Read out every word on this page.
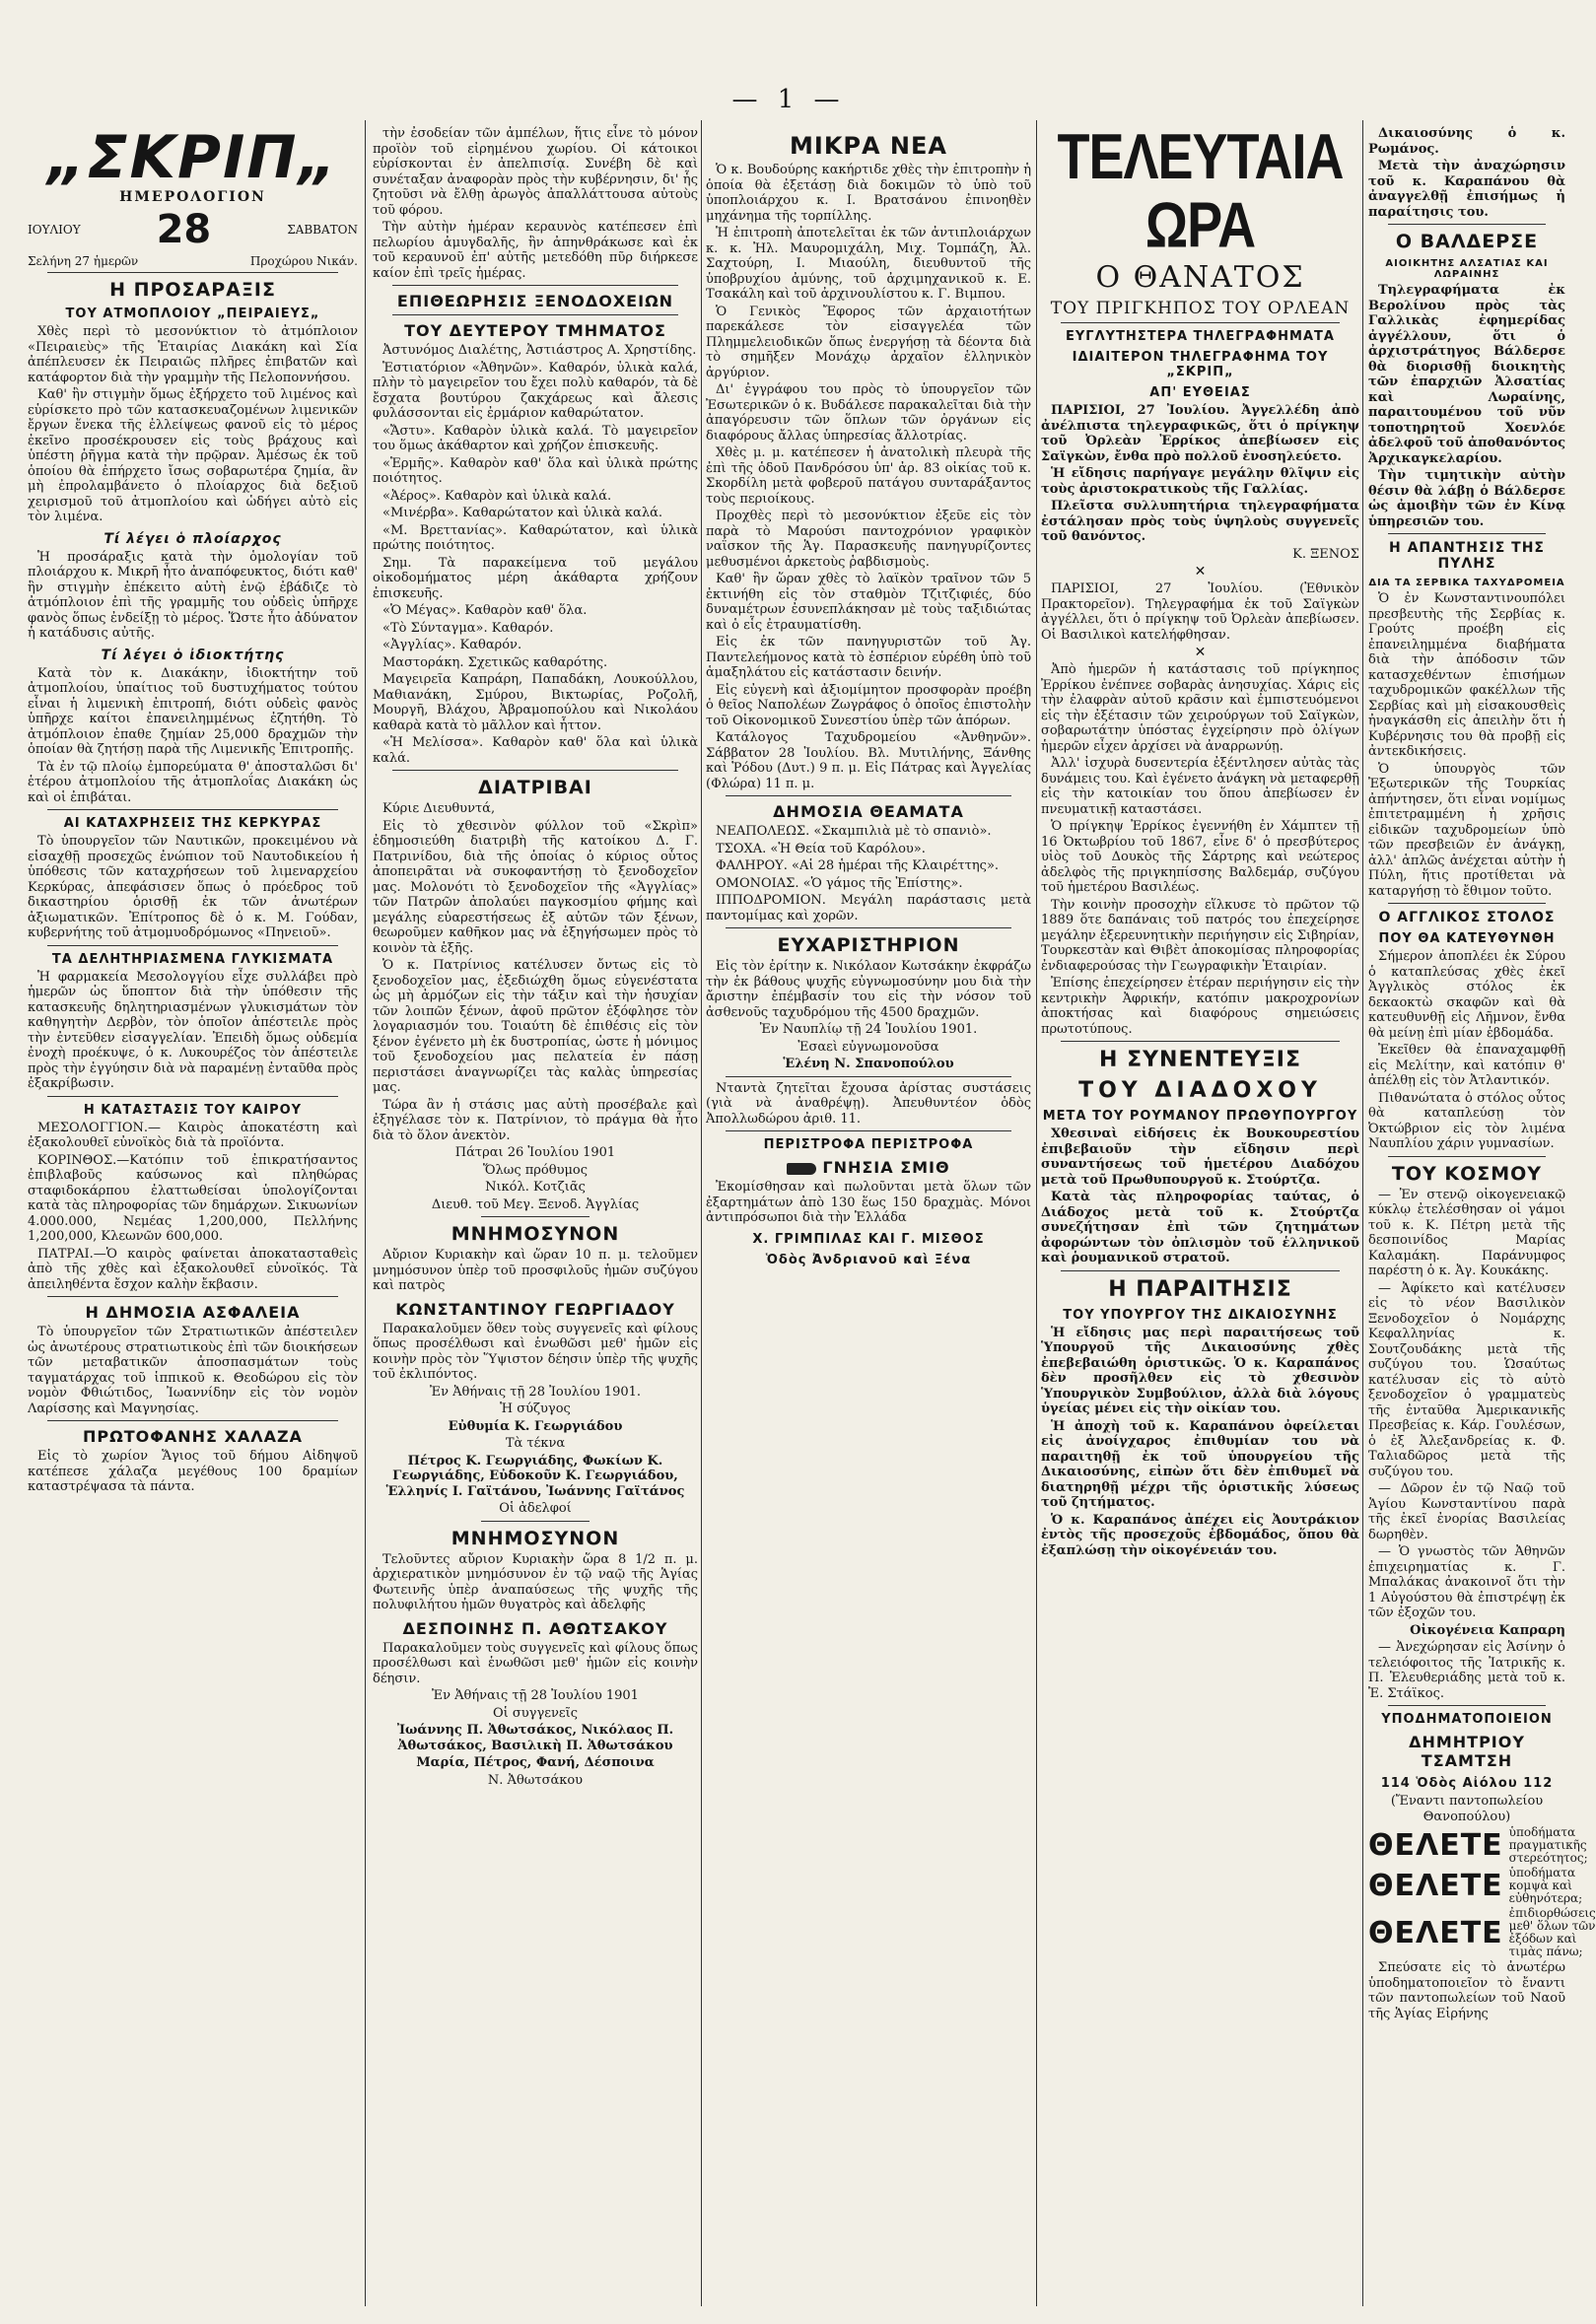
— 1 —
„ΣΚΡΙΠ„
ΗΜΕΡΟΛΟΓΙΟΝ
ΙΟΥΛΙΟΥ 28	ΣΑΒΒΑΤΟΝ
Σελήνη 27 ἡμερῶν	Προχώρου Νικάν.
Η ΠΡΟΣΑΡΑΞΙΣ
ΤΟΥ ΑΤΜΟΠΛΟΙΟΥ „ΠΕΙΡΑΙΕΥΣ„

Χθὲς περὶ τὸ μεσονύκτιον τὸ ἀτμόπλοιον «Πειραιεὺς» τῆς Ἑταιρίας Διακάκη καὶ Σία ἀπέπλευσεν ἐκ Πειραιῶς πλῆρες ἐπιβατῶν καὶ κατάφορτον διὰ τὴν γραμμὴν τῆς Πελοποννήσου.

Καθ' ἣν στιγμὴν ὅμως ἐξήρχετο τοῦ λιμένος καὶ εὑρίσκετο πρὸ τῶν κατασκευαζομένων λιμενικῶν ἔργων ἕνεκα τῆς ἐλλείψεως φανοῦ εἰς τὸ μέρος ἐκεῖνο προσέκρουσεν εἰς τοὺς βράχους καὶ ὑπέστη ῥῆγμα κατὰ τὴν πρῷραν. Ἀμέσως ἐκ τοῦ ὁποίου θὰ ἐπήρχετο ἴσως σοβαρωτέρα ζημία, ἂν μὴ ἐπρολαμβάνετο ὁ πλοίαρχος διὰ δεξιοῦ χειρισμοῦ τοῦ ἀτμοπλοίου καὶ ὡδήγει αὐτὸ εἰς τὸν λιμένα.

Τί λέγει ὁ πλοίαρχος

Ἡ προσάραξις κατὰ τὴν ὁμολογίαν τοῦ πλοιάρχου κ. Μικρῆ ἦτο ἀναπόφευκτος, διότι καθ' ἣν στιγμὴν ἐπέκειτο αὐτὴ ἐνῷ ἐβάδιζε τὸ ἀτμόπλοιον ἐπὶ τῆς γραμμῆς του οὐδεὶς ὑπῆρχε φανὸς ὅπως ἐνδείξῃ τὸ μέρος. Ὥστε ἦτο ἀδύνατον ἡ κατάδυσις αὐτῆς.

Τί λέγει ὁ ἰδιοκτήτης

Κατὰ τὸν κ. Διακάκην, ἰδιοκτήτην τοῦ ἀτμοπλοίου, ὑπαίτιος τοῦ δυστυχήματος τούτου εἶναι ἡ λιμενικὴ ἐπιτροπή, διότι οὐδεὶς φανὸς ὑπῆρχε καίτοι ἐπανειλημμένως ἐζητήθη. Τὸ ἀτμόπλοιον ἐπαθε ζημίαν 25,000 δραχμῶν τὴν ὁποίαν θὰ ζητήσῃ παρὰ τῆς Λιμενικῆς Ἐπιτροπῆς.

Τὰ ἐν τῷ πλοίῳ ἐμπορεύματα θ' ἀποσταλῶσι δι' ἑτέρου ἀτμοπλοίου τῆς ἀτμοπλοΐας Διακάκη ὡς καὶ οἱ ἐπιβάται.

ΑΙ ΚΑΤΑΧΡΗΣΕΙΣ ΤΗΣ ΚΕΡΚΥΡΑΣ

Τὸ ὑπουργεῖον τῶν Ναυτικῶν, προκειμένου νὰ εἰσαχθῇ προσεχῶς ἐνώπιον τοῦ Ναυτοδικείου ἡ ὑπόθεσις τῶν καταχρήσεων τοῦ λιμεναρχείου Κερκύρας, ἀπεφάσισεν ὅπως ὁ πρόεδρος τοῦ δικαστηρίου ὁρισθῇ ἐκ τῶν ἀνωτέρων ἀξιωματικῶν. Ἐπίτροπος δὲ ὁ κ. Μ. Γούδαν, κυβερνήτης τοῦ ἀτμομυοδρόμωνος «Πηνειοῦ».

ΤΑ ΔΕΛΗΤΗΡΙΑΣΜΕΝΑ ΓΛΥΚΙΣΜΑΤΑ

Ἡ φαρμακεία Μεσολογγίου εἶχε συλλάβει πρὸ ἡμερῶν ὡς ὕποπτον διὰ τὴν ὑπόθεσιν τῆς κατασκευῆς δηλητηριασμένων γλυκισμάτων τὸν καθηγητὴν Δερβὸν, τὸν ὁποῖον ἀπέστειλε πρὸς τὴν ἐντεῦθεν εἰσαγγελίαν. Ἐπειδὴ ὅμως οὐδεμία ἐνοχὴ προέκυψε, ὁ κ. Λυκουρέζος τὸν ἀπέστειλε πρὸς τὴν ἐγγύησιν διὰ νὰ παραμένῃ ἐνταῦθα πρὸς ἐξακρίβωσιν.

Η ΚΑΤΑΣΤΑΣΙΣ ΤΟΥ ΚΑΙΡΟΥ

ΜΕΣΟΛΟΓΓΙΟΝ.— Καιρὸς ἀποκατέστη καὶ ἐξακολουθεῖ εὐνοϊκὸς διὰ τὰ προϊόντα.

ΚΟΡΙΝΘΟΣ.—Κατόπιν τοῦ ἐπικρατήσαντος ἐπιβλαβοῦς καύσωνος καὶ πληθώρας σταφιδοκάρπου ἐλαττωθείσαι ὑπολογίζονται κατὰ τὰς πληροφορίας τῶν δημάρχων. Σικυωνίων 4.000.000, Νεμέας 1,200,000, Πελλήνης 1,200,000, Κλεωνῶν 600,000.

ΠΑΤΡΑΙ.—Ὁ καιρὸς φαίνεται ἀποκατασταθεὶς ἀπὸ τῆς χθὲς καὶ ἐξακολουθεῖ εὐνοϊκός. Τὰ ἀπειληθέντα ἔσχον καλὴν ἔκβασιν.

Η ΔΗΜΟΣΙΑ ΑΣΦΑΛΕΙΑ

Τὸ ὑπουργεῖον τῶν Στρατιωτικῶν ἀπέστειλεν ὡς ἀνωτέρους στρατιωτικοὺς ἐπὶ τῶν διοικήσεων τῶν μεταβατικῶν ἀποσπασμάτων τοὺς ταγματάρχας τοῦ ἱππικοῦ κ. Θεοδώρου εἰς τὸν νομὸν Φθιώτιδος, Ἰωαννίδην εἰς τὸν νομὸν Λαρίσσης καὶ Μαγνησίας.

ΠΡΩΤΟΦΑΝΗΣ ΧΑΛΑΖΑ

Εἰς τὸ χωρίον Ἅγιος τοῦ δήμου Αἰδηψοῦ κατέπεσε χάλαζα μεγέθους 100 δραμίων καταστρέψασα τὰ πάντα.

τὴν ἐσοδείαν τῶν ἀμπέλων, ἥτις εἶνε τὸ μόνον προϊὸν τοῦ εἰρημένου χωρίου. Οἱ κάτοικοι εὑρίσκονται ἐν ἀπελπισίᾳ. Συνέβη δὲ καὶ συνέταξαν ἀναφορὰν πρὸς τὴν κυβέρνησιν, δι' ἧς ζητοῦσι νὰ ἔλθῃ ἀρωγὸς ἀπαλλάττουσα αὐτοὺς τοῦ φόρου.

Τὴν αὐτὴν ἡμέραν κεραυνὸς κατέπεσεν ἐπὶ πελωρίου ἀμυγδαλῆς, ἣν ἀπηνθράκωσε καὶ ἐκ τοῦ κεραυνοῦ ἐπ' αὐτῆς μετεδόθη πῦρ διήρκεσε καίον ἐπὶ τρεῖς ἡμέρας.

ΕΠΙΘΕΩΡΗΣΙΣ ΞΕΝΟΔΟΧΕΙΩΝ
ΤΟΥ ΔΕΥΤΕΡΟΥ ΤΜΗΜΑΤΟΣ

Ἀστυνόμος Διαλέτης, Ἀστιάστρος Α. Χρηστίδης.

Ἑστιατόριον «Ἀθηνῶν». Καθαρόν, ὑλικὰ καλά, πλὴν τὸ μαγειρεῖον του ἔχει πολὺ καθαρόν, τὰ δὲ ἔσχατα βουτύρου ζακχάρεως καὶ ἄλεσις φυλάσσονται εἰς ἐρμάριον καθαρώτατον.

«Ἄστυ». Καθαρὸν ὑλικὰ καλά. Τὸ μαγειρεῖον του ὅμως ἀκάθαρτον καὶ χρήζον ἐπισκευῆς.

«Ἑρμῆς». Καθαρὸν καθ' ὅλα καὶ ὑλικὰ πρώτης ποιότητος.

«Ἀέρος». Καθαρὸν καὶ ὑλικὰ καλά.

«Μινέρβα». Καθαρώτατον καὶ ὑλικὰ καλά.

«Μ. Βρεττανίας». Καθαρώτατον, καὶ ὑλικὰ πρώτης ποιότητος.

Σημ. Τὰ παρακείμενα τοῦ μεγάλου οἰκοδομήματος μέρη ἀκάθαρτα χρήζουν ἐπισκευῆς.

«Ὁ Μέγας». Καθαρὸν καθ' ὅλα.

«Τὸ Σύνταγμα». Καθαρόν.

«Ἀγγλίας». Καθαρόν.

Μαστοράκη. Σχετικῶς καθαρότης.

Μαγειρεῖα Καπράρη, Παπαδάκη, Λουκούλλου, Μαθιανάκη, Σμύρου, Βικτωρίας, Ροζολῆ, Μουργῆ, Βλάχου, Ἀβραμοπούλου καὶ Νικολάου καθαρὰ κατὰ τὸ μᾶλλον καὶ ἧττον.

«Ἡ Μελίσσα». Καθαρὸν καθ' ὅλα καὶ ὑλικὰ καλά.

ΔΙΑΤΡΙΒΑΙ

Κύριε Διευθυντά,

Εἰς τὸ χθεσινὸν φύλλον τοῦ «Σκρὶπ» ἐδημοσιεύθη διατριβὴ τῆς κατοίκου Δ. Γ. Πατρινίδου, διὰ τῆς ὁποίας ὁ κύριος οὗτος ἀποπειρᾶται νὰ συκοφαντήσῃ τὸ ξενοδοχεῖον μας. Μολονότι τὸ ξενοδοχεῖον τῆς «Ἀγγλίας» τῶν Πατρῶν ἀπολαύει παγκοσμίου φήμης καὶ μεγάλης εὐαρεστήσεως ἐξ αὐτῶν τῶν ξένων, θεωροῦμεν καθῆκον μας νὰ ἐξηγήσωμεν πρὸς τὸ κοινὸν τὰ ἑξῆς.

Ὁ κ. Πατρίνιος κατέλυσεν ὄντως εἰς τὸ ξενοδοχεῖον μας, ἐξεδιώχθη ὅμως εὐγενέστατα ὡς μὴ ἀρμόζων εἰς τὴν τάξιν καὶ τὴν ἡσυχίαν τῶν λοιπῶν ξένων, ἀφοῦ πρῶτον ἐξόφλησε τὸν λογαριασμόν του. Τοιαύτη δὲ ἐπιθέσις εἰς τὸν ξένον ἐγένετο μὴ ἐκ δυστροπίας, ὡστε ἡ μόνιμος τοῦ ξενοδοχείου μας πελατεία ἐν πάσῃ περιστάσει ἀναγνωρίζει τὰς καλὰς ὑπηρεσίας μας.

Τώρα ἂν ἡ στάσις μας αὐτὴ προσέβαλε καὶ ἐξηγέλασε τὸν κ. Πατρίνιον, τὸ πράγμα θὰ ἦτο διὰ τὸ ὅλον ἀνεκτὸν.

Πάτραι 26 Ἰουλίου 1901

Ὅλως πρόθυμος

Νικόλ. Κοτζιᾶς

Διευθ. τοῦ Μεγ. Ξενοδ. Ἀγγλίας

ΜΝΗΜΟΣΥΝΟΝ

Αὔριον Κυριακὴν καὶ ὥραν 10 π. μ. τελοῦμεν μνημόσυνον ὑπὲρ τοῦ προσφιλοῦς ἡμῶν συζύγου καὶ πατρὸς

ΚΩΝΣΤΑΝΤΙΝΟΥ ΓΕΩΡΓΙΑΔΟΥ

Παρακαλοῦμεν ὅθεν τοὺς συγγενεῖς καὶ φίλους ὅπως προσέλθωσι καὶ ἑνωθῶσι μεθ' ἡμῶν εἰς κοινὴν πρὸς τὸν Ὕψιστον δέησιν ὑπὲρ τῆς ψυχῆς τοῦ ἐκλιπόντος.

Ἐν Ἀθήναις τῇ 28 Ἰουλίου 1901.

Ἡ σύζυγος

Εὐθυμία Κ. Γεωργιάδου

Τὰ τέκνα

Πέτρος Κ. Γεωργιάδης, Φωκίων Κ. Γεωργιάδης, Εὐδοκοῦν Κ. Γεωργιάδου, Ἑλληνίς Ι. Γαϊτάνου, Ἰωάννης Γαϊτάνος

Οἱ ἀδελφοί

ΜΝΗΜΟΣΥΝΟΝ

Τελοῦντες αὔριον Κυριακὴν ὥρα 8 1/2 π. μ. ἀρχιερατικὸν μνημόσυνον ἐν τῷ ναῷ τῆς Ἁγίας Φωτεινῆς ὑπὲρ ἀναπαύσεως τῆς ψυχῆς τῆς πολυφιλήτου ἡμῶν θυγατρὸς καὶ ἀδελφῆς

ΔΕΣΠΟΙΝΗΣ Π. ΑΘΩΤΣΑΚΟΥ

Παρακαλοῦμεν τοὺς συγγενεῖς καὶ φίλους ὅπως προσέλθωσι καὶ ἑνωθῶσι μεθ' ἡμῶν εἰς κοινὴν δέησιν.

Ἐν Ἀθήναις τῇ 28 Ἰουλίου 1901

Οἱ συγγενεῖς

Ἰωάννης Π. Ἀθωτσάκος, Νικόλαος Π. Ἀθωτσάκος, Βασιλικὴ Π. Ἀθωτσάκου

Μαρία, Πέτρος, Φανή, Δέσποινα

Ν. Ἀθωτσάκου

ΜΙΚΡΑ ΝΕΑ

Ὁ κ. Βουδούρης κακήρτιδε χθὲς τὴν ἐπιτροπὴν ἡ ὁποία θὰ ἐξετάσῃ διὰ δοκιμῶν τὸ ὑπὸ τοῦ ὑποπλοιάρχου κ. Ι. Βρατσάνου ἐπινοηθὲν μηχάνημα τῆς τορπίλλης.

Ἡ ἐπιτροπὴ ἀποτελεῖται ἐκ τῶν ἀντιπλοιάρχων κ. κ. Ἠλ. Μαυρομιχάλη, Μιχ. Τομπάζη, Ἀλ. Σαχτούρη, Ι. Μιαούλη, διευθυντοῦ τῆς ὑποβρυχίου ἀμύνης, τοῦ ἀρχιμηχανικοῦ κ. Ε. Τσακάλη καὶ τοῦ ἀρχινουλίστου κ. Γ. Βιμπου.

Ὁ Γενικὸς Ἔφορος τῶν ἀρχαιοτήτων παρεκάλεσε τὸν εἰσαγγελέα τῶν Πλημμελειοδικῶν ὅπως ἐνεργήσῃ τὰ δέοντα διὰ τὸ σημῆξεν Μονάχῳ ἀρχαῖον ἑλληνικὸν ἀργύριον.

Δι' ἐγγράφου του πρὸς τὸ ὑπουργεῖον τῶν Ἐσωτερικῶν ὁ κ. Βυδάλεσε παρακαλεῖται διὰ τὴν ἀπαγόρευσιν τῶν ὅπλων τῶν ὀργάνων εἰς διαφόρους ἄλλας ὑπηρεσίας ἄλλοτρίας.

Χθὲς μ. μ. κατέπεσεν ἡ ἀνατολικὴ πλευρὰ τῆς ἐπὶ τῆς ὁδοῦ Πανδρόσου ὑπ' ἀρ. 83 οἰκίας τοῦ κ. Σκορδίλη μετὰ φοβεροῦ πατάγου συνταράξαντος τοὺς περιοίκους.

Προχθὲς περὶ τὸ μεσονύκτιον ἐξεῦε εἰς τὸν παρὰ τὸ Μαρούσι παντοχρόνιον γραφικὸν ναΐσκον τῆς Ἁγ. Παρασκευῆς πανηγυρίζοντες μεθυσμένοι ἀρκετοὺς ῥαβδισμοὺς.

Καθ' ἣν ὥραν χθὲς τὸ λαϊκὸν τραῖνον τῶν 5 ἐκτινήθη εἰς τὸν σταθμὸν Τζιτζιφιές, δύο δυναμέτρων ἐσυνεπλάκησαν μὲ τοὺς ταξιδιώτας καὶ ὁ εἷς ἐτραυματίσθη.

Εἰς ἐκ τῶν πανηγυριστῶν τοῦ Ἀγ. Παντελεήμονος κατὰ τὸ ἑσπέριον εὑρέθη ὑπὸ τοῦ ἁμαξηλάτου εἰς κατάστασιν δεινήν.

Εἰς εὐγενὴ καὶ ἀξιομίμητον προσφορὰν προέβη ὁ θεῖος Ναπολέων Ζωγράφος ὁ ὁποῖος ἐπιστολὴν τοῦ Οἰκονομικοῦ Συνεστίου ὑπὲρ τῶν ἀπόρων.

Κατάλογος Ταχυδρομείου «Ἀνθηνῶν». Σάββατον 28 Ἰουλίου. Βλ. Μυτιλήνης, Ξάνθης καὶ Ῥόδου (Δυτ.) 9 π. μ. Εἰς Πάτρας καὶ Ἀγγελίας (Φλώρα) 11 π. μ.

ΔΗΜΟΣΙΑ ΘΕΑΜΑΤΑ

ΝΕΑΠΟΛΕΩΣ. «Σκαμπιλιὰ μὲ τὸ σπανιὸ».

ΤΣΟΧΑ. «Ἡ Θεία τοῦ Καρόλου».

ΦΑΛΗΡΟΥ. «Αἱ 28 ἡμέραι τῆς Κλαιρέττης».

ΟΜΟΝΟΙΑΣ. «Ὁ γάμος τῆς Ἐπίστης».

ΙΠΠΟΔΡΟΜΙΟΝ. Μεγάλη παράστασις μετὰ παντομίμας καὶ χορῶν.

ΕΥΧΑΡΙΣΤΗΡΙΟΝ

Εἰς τὸν ἐρίτην κ. Νικόλαον Κωτσάκην ἐκφράζω τὴν ἐκ βάθους ψυχῆς εὐγνωμοσύνην μου διὰ τὴν ἄριστην ἐπέμβασίν του εἰς τὴν νόσον τοῦ ἀσθενοῦς ταχυδρόμου τῆς 4500 δραχμῶν.

Ἐν Ναυπλίῳ τῇ 24 Ἰουλίου 1901.

Ἐσαεὶ εὐγνωμονοῦσα

Ἑλένη Ν. Σπανοπούλου

Νταντὰ ζητεῖται ἔχουσα ἀρίστας συστάσεις (γιὰ νὰ ἀναθρέψῃ). Ἀπευθυντέον ὁδὸς Ἀπολλωδώρου ἀριθ. 11.

ΠΕΡΙΣΤΡΟΦΑ ΠΕΡΙΣΤΡΟΦΑ
ΓΝΗΣΙΑ ΣΜΙΘ

Ἐκομίσθησαν καὶ πωλοῦνται μετὰ ὅλων τῶν ἐξαρτημάτων ἀπὸ 130 ἕως 150 δραχμὰς. Μόνοι ἀντιπρόσωποι διὰ τὴν Ἑλλάδα

Χ. ΓΡΙΜΠΙΛΑΣ ΚΑΙ Γ. ΜΙΣΘΟΣ
Ὁδὸς Ἀνδριανοῦ καὶ Ξένα
ΤΕΛΕΥΤΑΙΑ ΩΡΑ
Ο ΘΑΝΑΤΟΣ
ΤΟΥ ΠΡΙΓΚΗΠΟΣ ΤΟΥ ΟΡΛΕΑΝ
ΕΥΓΛΥΤΗΣΤΕΡΑ ΤΗΛΕΓΡΑΦΗΜΑΤΑ
ΙΔΙΑΙΤΕΡΟΝ ΤΗΛΕΓΡΑΦΗΜΑ ΤΟΥ „ΣΚΡΙΠ„
ΑΠ' ΕΥΘΕΙΑΣ

ΠΑΡΙΣΙΟΙ, 27 Ἰουλίου. Ἀγγελλέδη ἀπὸ ἀνέλπιστα τηλεγραφικῶς, ὅτι ὁ πρίγκηψ τοῦ Ὀρλεὰν Ἐρρίκος ἀπεβίωσεν εἰς Σαϊγκὼν, ἔνθα πρὸ πολλοῦ ἐνοσηλεύετο.

Ἡ εἴδησις παρήγαγε μεγάλην θλῖψιν εἰς τοὺς ἀριστοκρατικοὺς τῆς Γαλλίας.

Πλεῖστα συλλυπητήρια τηλεγραφήματα ἐστάλησαν πρὸς τοὺς ὑψηλοὺς συγγενεῖς τοῦ θανόντος.

Κ. ΞΕΝΟΣ

✕

ΠΑΡΙΣΙΟΙ, 27 Ἰουλίου. (Ἐθνικὸν Πρακτορεῖον). Τηλεγραφήμα ἐκ τοῦ Σαϊγκὼν ἀγγέλλει, ὅτι ὁ πρίγκηψ τοῦ Ὀρλεὰν ἀπεβίωσεν. Οἱ Βασιλικοὶ κατελήφθησαν.

✕

Ἀπὸ ἡμερῶν ἡ κατάστασις τοῦ πρίγκηπος Ἐρρίκου ἐνέπνεε σοβαρὰς ἀνησυχίας. Χάρις εἰς τὴν ἐλαφρὰν αὐτοῦ κρᾶσιν καὶ ἐμπιστευόμενοι εἰς τὴν ἐξέτασιν τῶν χειρούργων τοῦ Σαϊγκὼν, σοβαρωτάτην ὑπόστας ἐγχείρησιν πρὸ ὀλίγων ἡμερῶν εἶχεν ἀρχίσει νὰ ἀναρρωνύῃ.

Ἀλλ' ἰσχυρὰ δυσεντερία ἐξέντλησεν αὐτὰς τὰς δυνάμεις του. Καὶ ἐγένετο ἀνάγκη νὰ μεταφερθῇ εἰς τὴν κατοικίαν του ὅπου ἀπεβίωσεν ἐν πνευματικῇ καταστάσει.

Ὁ πρίγκηψ Ἐρρίκος ἐγεννήθη ἐν Χάμπτεν τῇ 16 Ὀκτωβρίου τοῦ 1867, εἶνε δ' ὁ πρεσβύτερος υἱὸς τοῦ Δουκὸς τῆς Σάρτρης καὶ νεώτερος ἀδελφὸς τῆς πριγκηπίσσης Βαλδεμάρ, συζύγου τοῦ ἡμετέρου Βασιλέως.

Τὴν κοινὴν προσοχὴν εἵλκυσε τὸ πρῶτον τῷ 1889 ὅτε δαπάναις τοῦ πατρός του ἐπεχείρησε μεγάλην ἐξερευνητικὴν περιήγησιν εἰς Σιβηρίαν, Τουρκεστὰν καὶ Θιβὲτ ἀποκομίσας πληροφορίας ἐνδιαφερούσας τὴν Γεωγραφικὴν Ἑταιρίαν.

Ἐπίσης ἐπεχείρησεν ἑτέραν περιήγησιν εἰς τὴν κεντρικὴν Ἀφρικήν, κατόπιν μακροχρονίων ἀποκτήσας καὶ διαφόρους σημειώσεις πρωτοτύπους.

Η ΣΥΝΕΝΤΕΥΞΙΣ
ΤΟΥ ΔΙΑΔΟΧΟΥ
ΜΕΤΑ ΤΟΥ ΡΟΥΜΑΝΟΥ ΠΡΩΘΥΠΟΥΡΓΟΥ

Χθεσιναὶ εἰδήσεις ἐκ Βουκουρεστίου ἐπιβεβαιοῦν τὴν εἴδησιν περὶ συναντήσεως τοῦ ἡμετέρου Διαδόχου μετὰ τοῦ Πρωθυπουργοῦ κ. Στούρτζα.

Κατὰ τὰς πληροφορίας ταύτας, ὁ Διάδοχος μετὰ τοῦ κ. Στούρτζα συνεζήτησαν ἐπὶ τῶν ζητημάτων ἀφορώντων τὸν ὀπλισμὸν τοῦ ἑλληνικοῦ καὶ ῥουμανικοῦ στρατοῦ.

Η ΠΑΡΑΙΤΗΣΙΣ
ΤΟΥ ΥΠΟΥΡΓΟΥ ΤΗΣ ΔΙΚΑΙΟΣΥΝΗΣ

Ἡ εἴδησις μας περὶ παραιτήσεως τοῦ Ὑπουργοῦ τῆς Δικαιοσύνης χθὲς ἐπεβεβαιώθη ὁριστικῶς. Ὁ κ. Καραπάνος δὲν προσῆλθεν εἰς τὸ χθεσινὸν Ὑπουργικὸν Συμβούλιον, ἀλλὰ διὰ λόγους ὑγείας μένει εἰς τὴν οἰκίαν του.

Ἡ ἀποχὴ τοῦ κ. Καραπάνου ὀφείλεται εἰς ἀνοίγχαρος ἐπιθυμίαν του νὰ παραιτηθῇ ἐκ τοῦ ὑπουργείου τῆς Δικαιοσύνης, εἰπὼν ὅτι δὲν ἐπιθυμεῖ νὰ διατηρηθῇ μέχρι τῆς ὁριστικῆς λύσεως τοῦ ζητήματος.

Ὁ κ. Καραπάνος ἀπέχει εἰς Ἀουτράκιον ἐντὸς τῆς προσεχοῦς ἑβδομάδος, ὅπου θὰ ἐξαπλώσῃ τὴν οἰκογένειάν του.

Δικαιοσύνης ὁ κ. Ρωμάνος.

Μετὰ τὴν ἀναχώρησιν τοῦ κ. Καραπάνου θὰ ἀναγγελθῇ ἐπισήμως ἡ παραίτησις του.

Ο ΒΑΛΔΕΡΣΕ
ΑΙΟΙΚΗΤΗΣ ΑΛΣΑΤΙΑΣ ΚΑΙ ΛΩΡΑΙΝΗΣ

Τηλεγραφήματα ἐκ Βερολίνου πρὸς τὰς Γαλλικὰς ἐφημερίδας ἀγγέλλουν, ὅτι ὁ ἀρχιστράτηγος Βάλδερσε θὰ διορισθῇ διοικητὴς τῶν ἐπαρχιῶν Ἀλσατίας καὶ Λωραίνης, παραιτουμένου τοῦ νῦν τοποτηρητοῦ Χοενλόε ἀδελφοῦ τοῦ ἀποθανόντος Ἀρχικαγκελαρίου.

Τὴν τιμητικὴν αὐτὴν θέσιν θὰ λάβῃ ὁ Βάλδερσε ὡς ἀμοιβὴν τῶν ἐν Κίνᾳ ὑπηρεσιῶν του.

Η ΑΠΑΝΤΗΣΙΣ ΤΗΣ ΠΥΛΗΣ
ΔΙΑ ΤΑ ΣΕΡΒΙΚΑ ΤΑΧΥΔΡΟΜΕΙΑ

Ὁ ἐν Κωνσταντινουπόλει πρεσβευτὴς τῆς Σερβίας κ. Γρούτς προέβη εἰς ἐπανειλημμένα διαβήματα διὰ τὴν ἀπόδοσιν τῶν κατασχεθέντων ἐπισήμων ταχυδρομικῶν φακέλλων τῆς Σερβίας καὶ μὴ εἰσακουσθεὶς ἠναγκάσθη εἰς ἀπειλὴν ὅτι ἡ Κυβέρνησις του θὰ προβῇ εἰς ἀντεκδικήσεις.

Ὁ ὑπουργὸς τῶν Ἐξωτερικῶν τῆς Τουρκίας ἀπήντησεν, ὅτι εἶναι νομίμως ἐπιτετραμμένη ἡ χρῆσις εἰδικῶν ταχυδρομείων ὑπὸ τῶν πρεσβειῶν ἐν ἀνάγκῃ, ἀλλ' ἁπλῶς ἀνέχεται αὐτὴν ἡ Πύλη, ἥτις προτίθεται νὰ καταργήσῃ τὸ ἔθιμον τοῦτο.

Ο ΑΓΓΛΙΚΟΣ ΣΤΟΛΟΣ
ΠΟΥ ΘΑ ΚΑΤΕΥΘΥΝΘΗ

Σήμερον ἀποπλέει ἐκ Σύρου ὁ καταπλεύσας χθὲς ἐκεῖ Ἀγγλικὸς στόλος ἐκ δεκαοκτὼ σκαφῶν καὶ θὰ κατευθυνθῇ εἰς Λῆμνον, ἔνθα θὰ μείνῃ ἐπὶ μίαν ἑβδομάδα.

Ἐκεῖθεν θὰ ἐπαναχαμφθῇ εἰς Μελίτην, καὶ κατόπιν θ' ἀπέλθῃ εἰς τὸν Ἀτλαντικόν.

Πιθανώτατα ὁ στόλος οὗτος θὰ καταπλεύσῃ τὸν Ὀκτώβριον εἰς τὸν λιμένα Ναυπλίου χάριν γυμνασίων.

ΤΟΥ ΚΟΣΜΟΥ

— Ἐν στενῷ οἰκογενειακῷ κύκλῳ ἐτελέσθησαν οἱ γάμοι τοῦ κ. Κ. Πέτρη μετὰ τῆς δεσποινίδος Μαρίας Καλαμάκη. Παράνυμφος παρέστη ὁ κ. Ἀγ. Κουκάκης.

— Ἀφίκετο καὶ κατέλυσεν εἰς τὸ νέον Βασιλικὸν Ξενοδοχεῖον ὁ Νομάρχης Κεφαλληνίας κ. Σουτζουδάκης μετὰ τῆς συζύγου του. Ὡσαύτως κατέλυσαν εἰς τὸ αὐτὸ ξενοδοχεῖον ὁ γραμματεὺς τῆς ἐνταῦθα Ἀμερικανικῆς Πρεσβείας κ. Κάρ. Γουλέσων, ὁ ἐξ Ἀλεξανδρείας κ. Φ. Ταλιαδῶρος μετὰ τῆς συζύγου του.

— Δῶρον ἐν τῷ Ναῷ τοῦ Ἁγίου Κωνσταντίνου παρὰ τῆς ἐκεῖ ἐνορίας Βασιλείας δωρηθὲν.

— Ὁ γνωστὸς τῶν Ἀθηνῶν ἐπιχειρηματίας κ. Γ. Μπαλάκας ἀνακοινοῖ ὅτι τὴν 1 Αὐγούστου θὰ ἐπιστρέψῃ ἐκ τῶν ἐξοχῶν του.

Οἰκογένεια Καπραρη

— Ἀνεχώρησαν εἰς Ἀσίνην ὁ τελειόφοιτος τῆς Ἰατρικῆς κ. Π. Ἑλευθεριάδης μετὰ τοῦ κ. Ἐ. Στάϊκος.

ΥΠΟΔΗΜΑΤΟΠΟΙΕΙΟΝ
ΔΗΜΗΤΡΙΟΥ ΤΣΑΜΤΣΗ
114 Ὁδὸς Αἰόλου 112

(Ἔναντι παντοπωλείου Θανοπούλου)

ΘΕΛΕΤΕ ὑποδήματα πραγματικῆς στερεότητος;
ΘΕΛΕΤΕ ὑποδήματα κομψὰ καὶ εὐθηνότερα;
ΘΕΛΕΤΕ
ἐπιδιορθώσεις μεθ' ὅλων τῶν ἐξόδων καὶ τιμὰς πάνω;

Σπεύσατε εἰς τὸ ἀνωτέρω ὑποδηματοποιεῖον τὸ ἔναντι τῶν παντοπωλείων τοῦ Ναοῦ τῆς Ἁγίας Εἰρήνης
